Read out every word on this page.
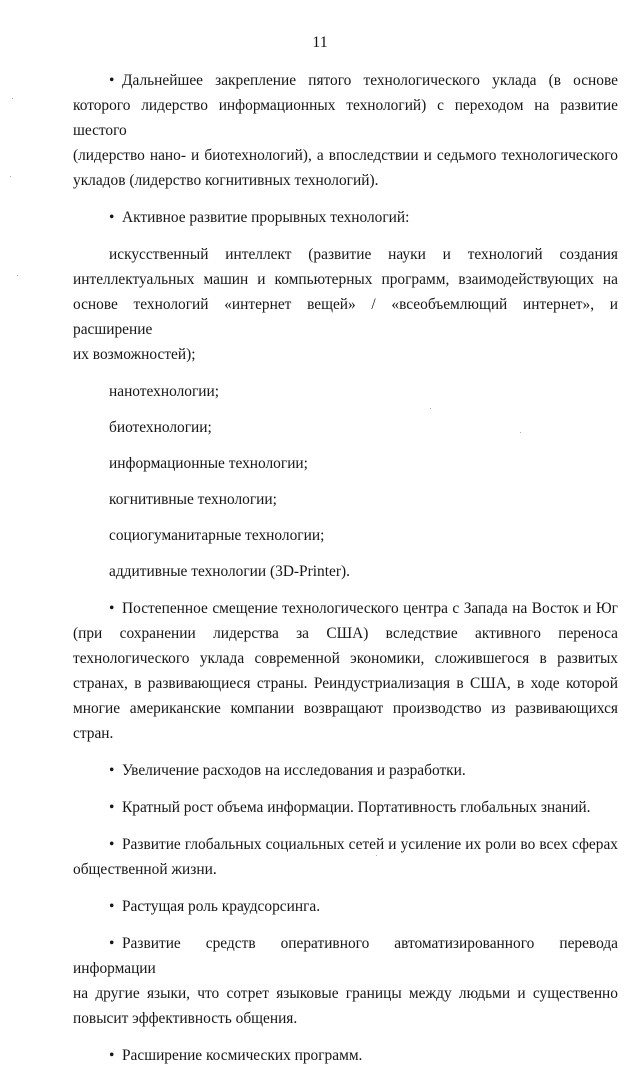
11

• Дальнейшее закрепление пятого технологического уклада (в основе

которого лидерство информационных технологий) с переходом на развитие шестого

(лидерство нано- и биотехнологий), а впоследствии и седьмого технологического

укладов (лидерство когнитивных технологий).

• Активное развитие прорывных технологий:

искусственный интеллект (развитие науки и технологий создания

интеллектуальных машин и компьютерных программ, взаимодействующих на

основе технологий «интернет вещей» / «всеобъемлющий интернет», и расширение

их возможностей);

нанотехнологии;

биотехнологии;

информационные технологии;

когнитивные технологии;

социогуманитарные технологии;

аддитивные технологии (3D-Printer).

• Постепенное смещение технологического центра с Запада на Восток и Юг

(при сохранении лидерства за США) вследствие активного переноса

технологического уклада современной экономики, сложившегося в развитых

странах, в развивающиеся страны. Реиндустриализация в США, в ходе которой

многие американские компании возвращают производство из развивающихся стран.

• Увеличение расходов на исследования и разработки.

• Кратный рост объема информации. Портативность глобальных знаний.

• Развитие глобальных социальных сетей и усиление их роли во всех сферах

общественной жизни.

• Растущая роль краудсорсинга.

• Развитие средств оперативного автоматизированного перевода информации

на другие языки, что сотрет языковые границы между людьми и существенно

повысит эффективность общения.

• Расширение космических программ.
